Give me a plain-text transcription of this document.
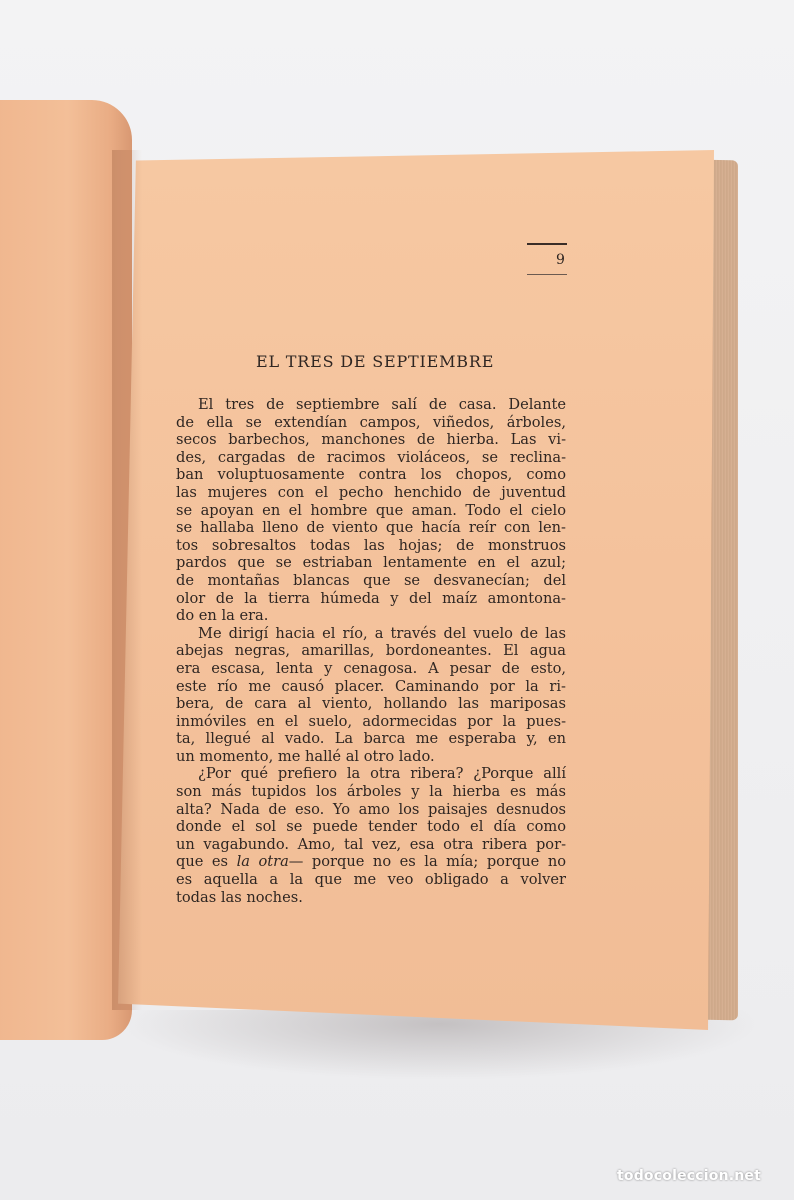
9
EL TRES DE SEPTIEMBRE
El tres de septiembre salí de casa. Delante
de ella se extendían campos, viñedos, árboles,
secos barbechos, manchones de hierba. Las vi-
des, cargadas de racimos violáceos, se reclina-
ban voluptuosamente contra los chopos, como
las mujeres con el pecho henchido de juventud
se apoyan en el hombre que aman. Todo el cielo
se hallaba lleno de viento que hacía reír con len-
tos sobresaltos todas las hojas; de monstruos
pardos que se estriaban lentamente en el azul;
de montañas blancas que se desvanecían; del
olor de la tierra húmeda y del maíz amontona-
do en la era.
Me dirigí hacia el río, a través del vuelo de las
abejas negras, amarillas, bordoneantes. El agua
era escasa, lenta y cenagosa. A pesar de esto,
este río me causó placer. Caminando por la ri-
bera, de cara al viento, hollando las mariposas
inmóviles en el suelo, adormecidas por la pues-
ta, llegué al vado. La barca me esperaba y, en
un momento, me hallé al otro lado.
¿Por qué prefiero la otra ribera? ¿Porque allí
son más tupidos los árboles y la hierba es más
alta? Nada de eso. Yo amo los paisajes desnudos
donde el sol se puede tender todo el día como
un vagabundo. Amo, tal vez, esa otra ribera por-
que es la otra— porque no es la mía; porque no
es aquella a la que me veo obligado a volver
todas las noches.
todocoleccion.net
